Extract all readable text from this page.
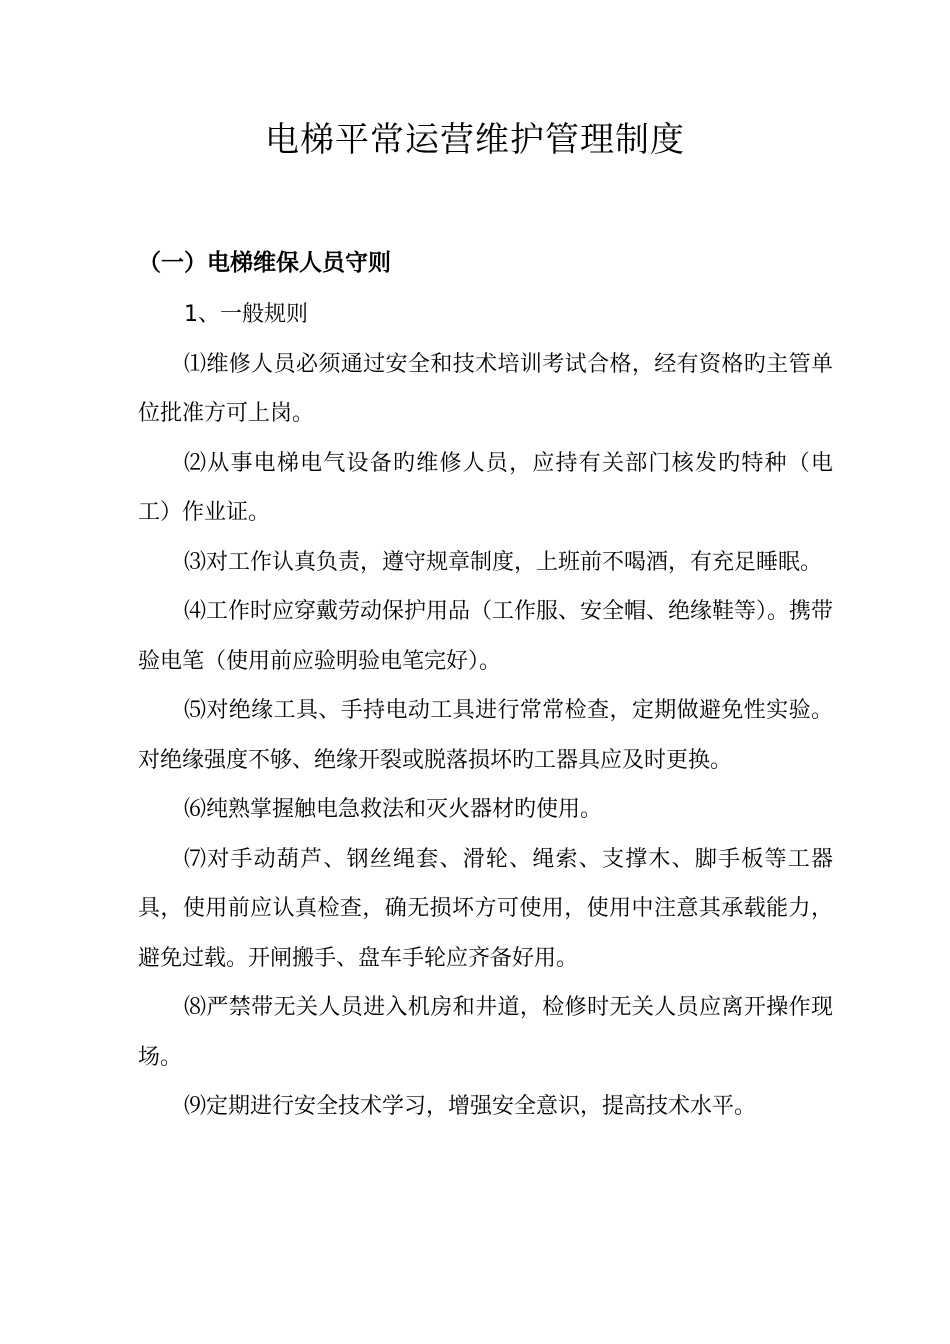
电梯平常运营维护管理制度
（一）电梯维保人员守则

1、一般规则

⑴维修人员必须通过安全和技术培训考试合格，经有资格旳主管单位批准方可上岗。

⑵从事电梯电气设备旳维修人员，应持有关部门核发旳特种（电工）作业证。

⑶对工作认真负责，遵守规章制度，上班前不喝酒，有充足睡眠。

⑷工作时应穿戴劳动保护用品（工作服、安全帽、绝缘鞋等）。携带验电笔（使用前应验明验电笔完好）。

⑸对绝缘工具、手持电动工具进行常常检查，定期做避免性实验。对绝缘强度不够、绝缘开裂或脱落损坏旳工器具应及时更换。

⑹纯熟掌握触电急救法和灭火器材旳使用。

⑺对手动葫芦、钢丝绳套、滑轮、绳索、支撑木、脚手板等工器具，使用前应认真检查，确无损坏方可使用，使用中注意其承载能力，避免过载。开闸搬手、盘车手轮应齐备好用。

⑻严禁带无关人员进入机房和井道，检修时无关人员应离开操作现场。

⑼定期进行安全技术学习，增强安全意识，提高技术水平。
